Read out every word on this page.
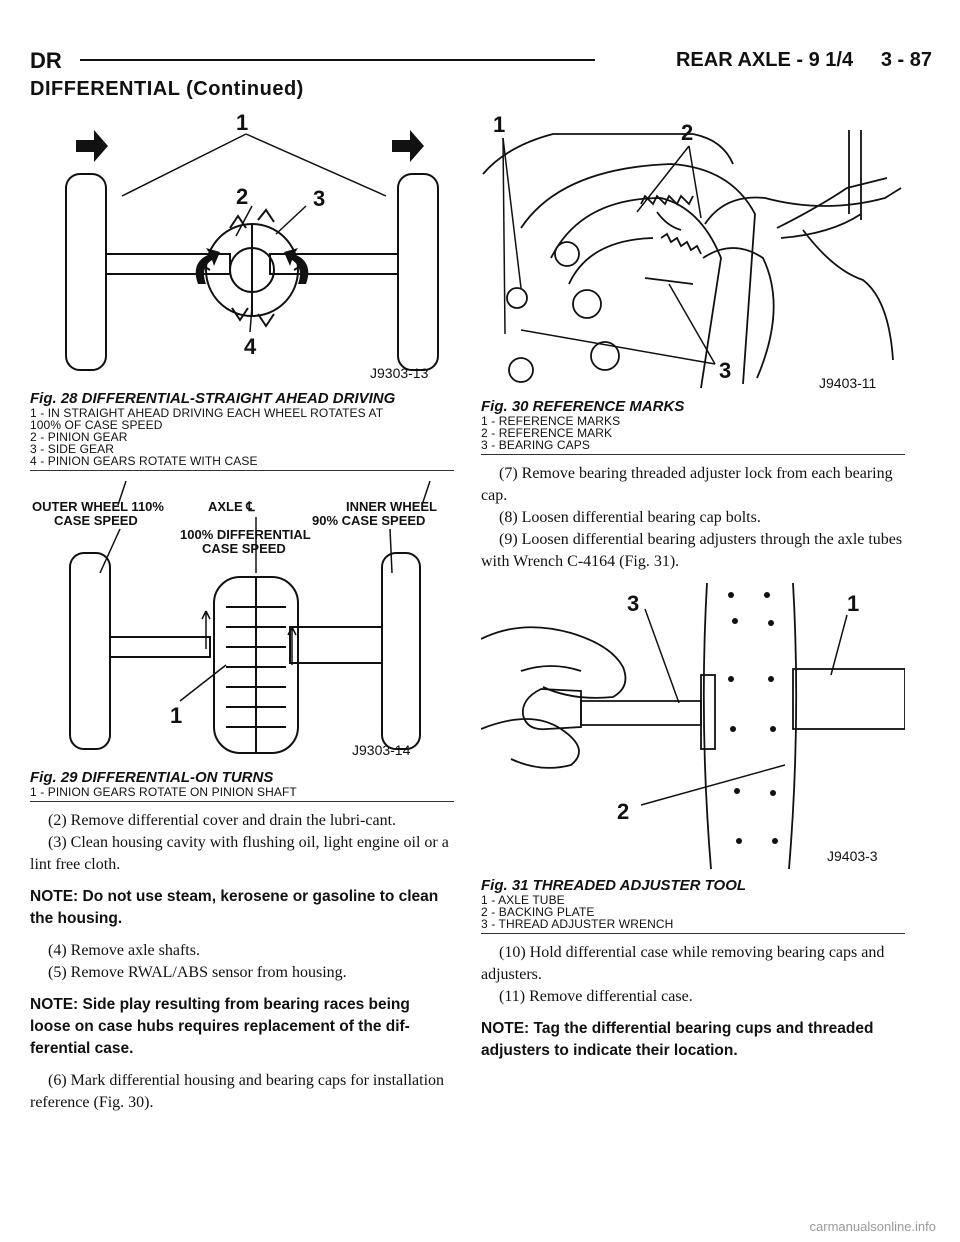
DR	REAR AXLE - 9 1/4     3 - 87
DIFFERENTIAL (Continued)
1
2	3
4
J9303-13
Fig. 28 DIFFERENTIAL-STRAIGHT AHEAD DRIVING
1 - IN STRAIGHT AHEAD DRIVING EACH WHEEL ROTATES AT
100% OF CASE SPEED
2 - PINION GEAR
3 - SIDE GEAR
4 - PINION GEARS ROTATE WITH CASE
OUTER WHEEL 110%
CASE SPEED
AXLE ℄
100% DIFFERENTIAL
CASE SPEED
INNER WHEEL
90% CASE SPEED
1
J9303-14
Fig. 29 DIFFERENTIAL-ON TURNS
1 - PINION GEARS ROTATE ON PINION SHAFT

(2) Remove differential cover and drain the lubri-cant.

(3) Clean housing cavity with flushing oil, light engine oil or a lint free cloth.

NOTE: Do not use steam, kerosene or gasoline to clean the housing.

(4) Remove axle shafts.

(5) Remove RWAL/ABS sensor from housing.

NOTE: Side play resulting from bearing races being loose on case hubs requires replacement of the dif-ferential case.

(6) Mark differential housing and bearing caps for installation reference (Fig. 30).

1	2
3	J9403-11
Fig. 30 REFERENCE MARKS
1 - REFERENCE MARKS
2 - REFERENCE MARK
3 - BEARING CAPS

(7) Remove bearing threaded adjuster lock from each bearing cap.

(8) Loosen differential bearing cap bolts.

(9) Loosen differential bearing adjusters through the axle tubes with Wrench C-4164 (Fig. 31).

3	1
2
J9403-3
Fig. 31 THREADED ADJUSTER TOOL
1 - AXLE TUBE
2 - BACKING PLATE
3 - THREAD ADJUSTER WRENCH

(10) Hold differential case while removing bearing caps and adjusters.

(11) Remove differential case.

NOTE: Tag the differential bearing cups and threaded adjusters to indicate their location.

carmanualsonline.info
